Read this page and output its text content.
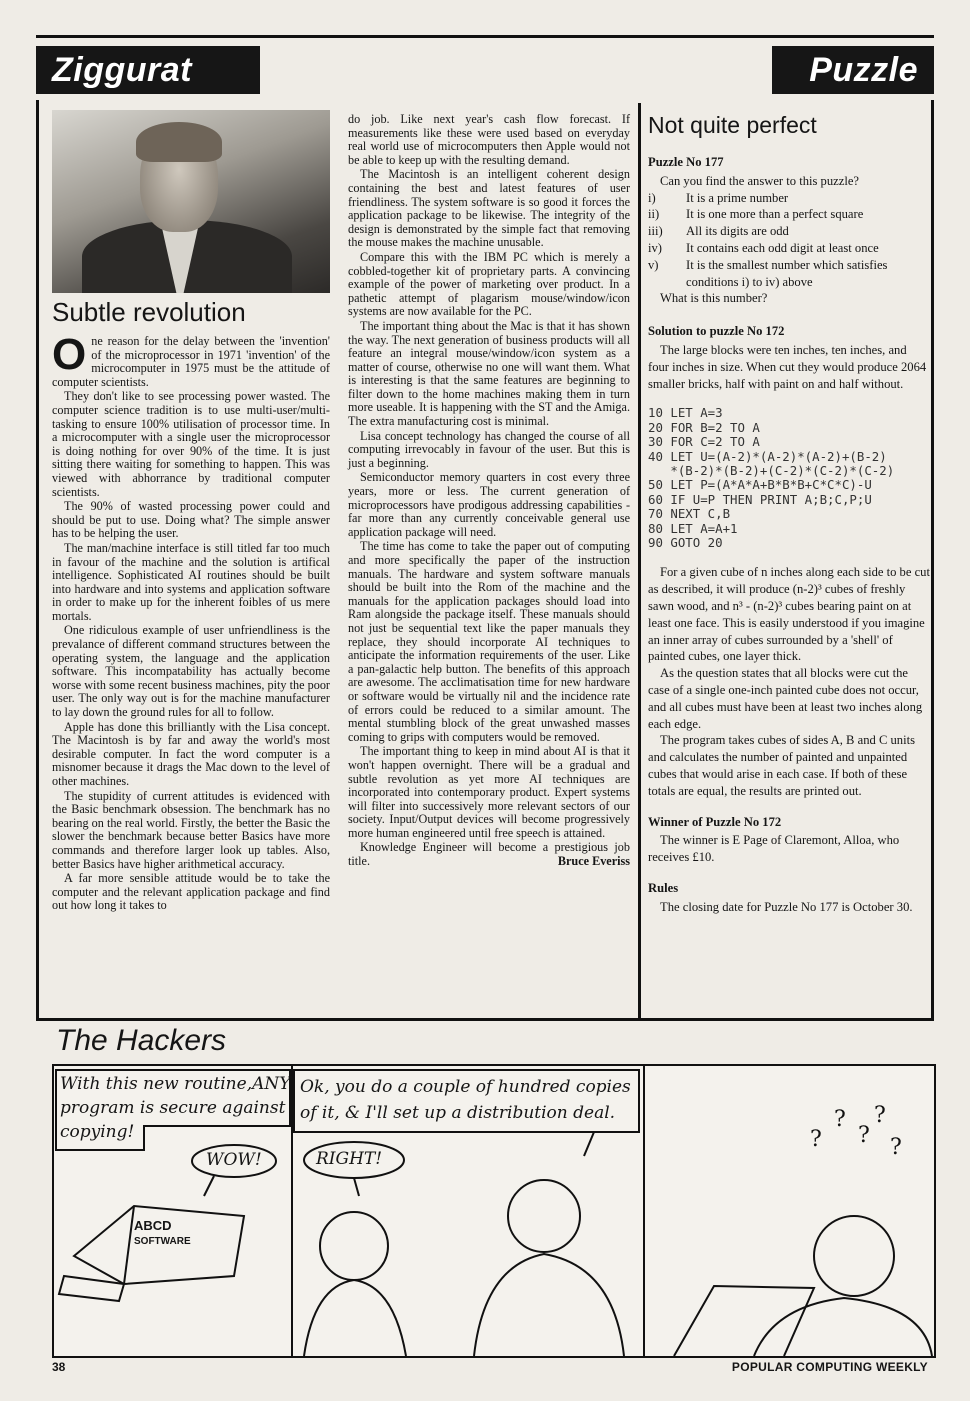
Ziggurat	Puzzle
Subtle revolution

One reason for the delay between the 'invention' of the microprocessor in 1971 'invention' of the microcomputer in 1975 must be the attitude of computer scientists.

They don't like to see processing power wasted. The computer science tradition is to use multi-user/multi-tasking to ensure 100% utilisation of processor time. In a microcomputer with a single user the microprocessor is doing nothing for over 90% of the time. It is just sitting there waiting for something to happen. This was viewed with abhorrance by traditional computer scientists.

The 90% of wasted processing power could and should be put to use. Doing what? The simple answer has to be helping the user.

The man/machine interface is still titled far too much in favour of the machine and the solution is artifical intelligence. Sophisticated AI routines should be built into hardware and into systems and application software in order to make up for the inherent foibles of us mere mortals.

One ridiculous example of user unfriendliness is the prevalance of different command structures between the operating system, the language and the application software. This incompatability has actually become worse with some recent business machines, pity the poor user. The only way out is for the machine manufacturer to lay down the ground rules for all to follow.

Apple has done this brilliantly with the Lisa concept. The Macintosh is by far and away the world's most desirable computer. In fact the word computer is a misnomer because it drags the Mac down to the level of other machines.

The stupidity of current attitudes is evidenced with the Basic benchmark obsession. The benchmark has no bearing on the real world. Firstly, the better the Basic the slower the benchmark because better Basics have more commands and therefore larger look up tables. Also, better Basics have higher arithmetical accuracy.

A far more sensible attitude would be to take the computer and the relevant application package and find out how long it takes to

do job. Like next year's cash flow forecast. If measurements like these were used based on everyday real world use of microcomputers then Apple would not be able to keep up with the resulting demand.

The Macintosh is an intelligent coherent design containing the best and latest features of user friendliness. The system software is so good it forces the application package to be likewise. The integrity of the design is demonstrated by the simple fact that removing the mouse makes the machine unusable.

Compare this with the IBM PC which is merely a cobbled-together kit of proprietary parts. A convincing example of the power of marketing over product. In a pathetic attempt of plagarism mouse/window/icon systems are now available for the PC.

The important thing about the Mac is that it has shown the way. The next generation of business products will all feature an integral mouse/window/icon system as a matter of course, otherwise no one will want them. What is interesting is that the same features are beginning to filter down to the home machines making them in turn more useable. It is happening with the ST and the Amiga. The extra manufacturing cost is minimal.

Lisa concept technology has changed the course of all computing irrevocably in favour of the user. But this is just a beginning.

Semiconductor memory quarters in cost every three years, more or less. The current generation of microprocessors have prodigous addressing capabilities - far more than any currently conceivable general use application package will need.

The time has come to take the paper out of computing and more specifically the paper of the instruction manuals. The hardware and system software manuals should be built into the Rom of the machine and the manuals for the application packages should load into Ram alongside the package itself. These manuals should not just be sequential text like the paper manuals they replace, they should incorporate AI techniques to anticipate the information requirements of the user. Like a pan-galactic help button. The benefits of this approach are awesome. The acclimatisation time for new hardware or software would be virtually nil and the incidence rate of errors could be reduced to a similar amount. The mental stumbling block of the great unwashed masses coming to grips with computers would be removed.

The important thing to keep in mind about AI is that it won't happen overnight. There will be a gradual and subtle revolution as yet more AI techniques are incorporated into contemporary product. Expert systems will filter into successively more relevant sectors of our society. Input/Output devices will become progressively more human engineered until free speech is attained.

Knowledge Engineer will become a prestigious job title.	Bruce Everiss

Not quite perfect
Puzzle No 177

Can you find the answer to this puzzle?

i)	It is a prime number
ii)	It is one more than a perfect square
iii)	All its digits are odd
iv)	It contains each odd digit at least once
v)	It is the smallest number which satisfies conditions i) to iv) above

What is this number?

Solution to puzzle No 172

The large blocks were ten inches, ten inches, and four inches in size. When cut they would produce 2064 smaller bricks, half with paint on and half without.

10 LET A=3
20 FOR B=2 TO A
30 FOR C=2 TO A
40 LET U=(A-2)*(A-2)*(A-2)+(B-2)
*(B-2)*(B-2)+(C-2)*(C-2)*(C-2)
50 LET P=(A*A*A+B*B*B+C*C*C)-U
60 IF U=P THEN PRINT A;B;C,P;U
70 NEXT C,B
80 LET A=A+1
90 GOTO 20

For a given cube of n inches along each side to be cut as described, it will produce (n-2)³ cubes of freshly sawn wood, and n³ - (n-2)³ cubes bearing paint on at least one face. This is easily understood if you imagine an inner array of cubes surrounded by a 'shell' of painted cubes, one layer thick.

As the question states that all blocks were cut the case of a single one-inch painted cube does not occur, and all cubes must have been at least two inches along each edge.

The program takes cubes of sides A, B and C units and calculates the number of painted and unpainted cubes that would arise in each case. If both of these totals are equal, the results are printed out.

Winner of Puzzle No 172

The winner is E Page of Claremont, Alloa, who receives £10.

Rules

The closing date for Puzzle No 177 is October 30.

The Hackers
?
?
?
?
?
With this new routine,ANY
program is secure against
copying!
WOW!
Ok, you do a couple of hundred copies
of it, & I'll set up a distribution deal.
RIGHT!
ABCD
SOFTWARE
38	POPULAR COMPUTING WEEKLY
